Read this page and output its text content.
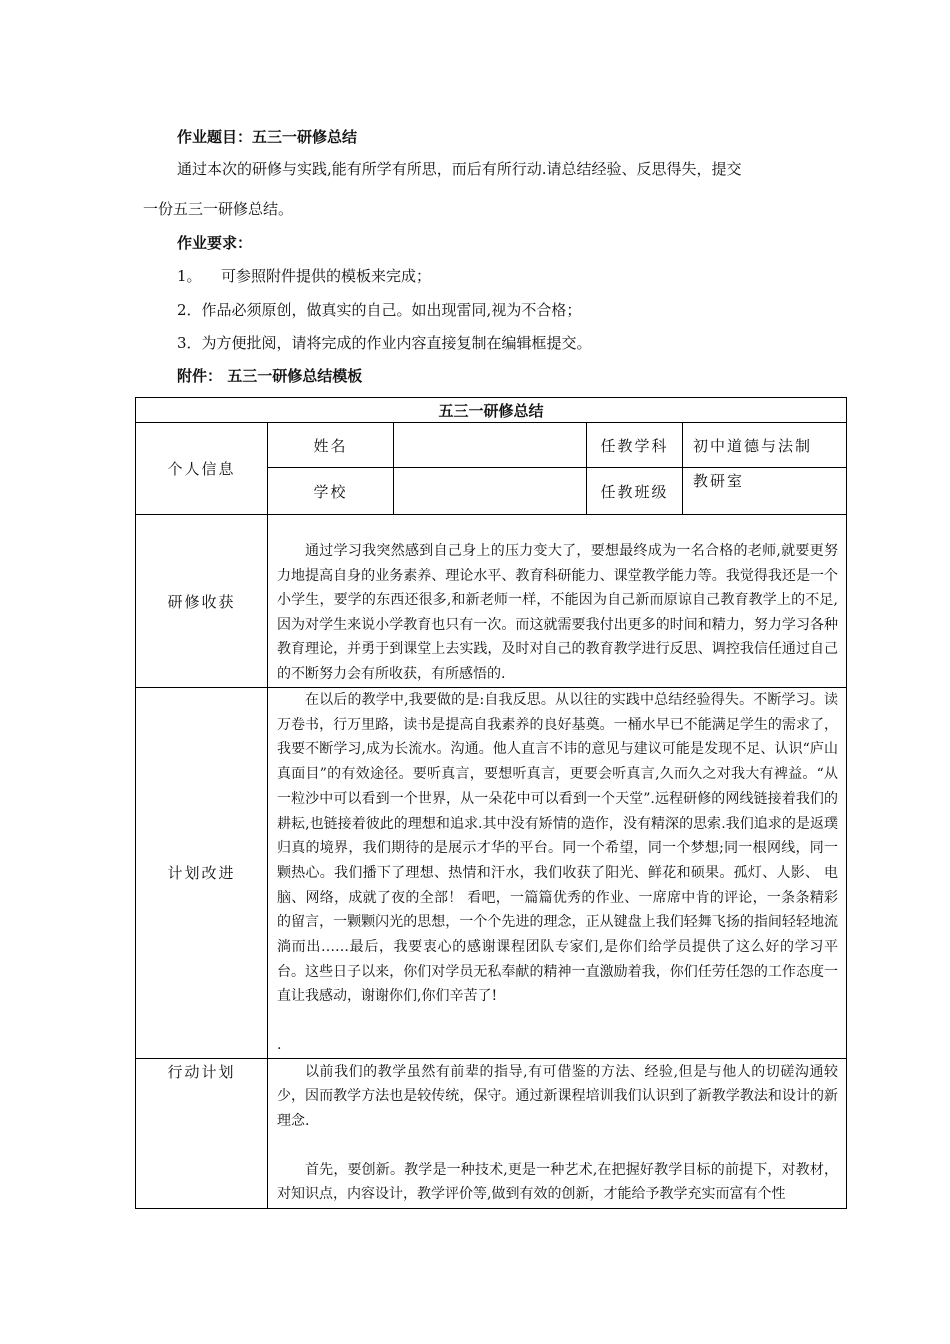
作业题目：五三一研修总结
通过本次的研修与实践,能有所学有所思，而后有所行动.请总结经验、反思得失，提交
一份五三一研修总结。
作业要求：
1。 可参照附件提供的模板来完成；
2．作品必须原创，做真实的自己。如出现雷同,视为不合格；
3．为方便批阅，请将完成的作业内容直接复制在编辑框提交。
附件： 五三一研修总结模板
五三一研修总结				
个人信息	姓名		任教学科	初中道德与法制
	学校		任教班级	教研室
研修收获	通过学习我突然感到自己身上的压力变大了，要想最终成为一名合格的老师,就要更努力地提高自身的业务素养、理论水平、教育科研能力、课堂教学能力等。我觉得我还是一个小学生，要学的东西还很多,和新老师一样，不能因为自己新而原谅自己教育教学上的不足,因为对学生来说小学教育也只有一次。而这就需要我付出更多的时间和精力，努力学习各种教育理论，并勇于到课堂上去实践，及时对自己的教育教学进行反思、调控我信任通过自己的不断努力会有所收获，有所感悟的.			

计划改进	在以后的教学中,我要做的是:自我反思。从以往的实践中总结经验得失。不断学习。读万卷书，行万里路，读书是提高自我素养的良好基奠。一桶水早已不能满足学生的需求了，我要不断学习,成为长流水。沟通。他人直言不讳的意见与建议可能是发现不足、认识“庐山真面目”的有效途径。要听真言，要想听真言，更要会听真言,久而久之对我大有裨益。“从一粒沙中可以看到一个世界，从一朵花中可以看到一个天堂”.远程研修的网线链接着我们的耕耘,也链接着彼此的理想和追求.其中没有矫情的造作，没有精深的思索.我们追求的是返璞归真的境界，我们期待的是展示才华的平台。同一个希望，同一个梦想;同一根网线，同一颗热心。我们播下了理想、热情和汗水，我们收获了阳光、鲜花和硕果。孤灯、人影、 电脑、网络，成就了夜的全部！ 看吧，一篇篇优秀的作业、一席席中肯的评论，一条条精彩的留言，一颗颗闪光的思想，一个个先进的理念，正从键盘上我们轻舞飞扬的指间轻轻地流淌而出……最后，我要衷心的感谢课程团队专家们,是你们给学员提供了这么好的学习平台。这些日子以来，你们对学员无私奉献的精神一直激励着我，你们任劳任怨的工作态度一直让我感动，谢谢你们,你们辛苦了!
.			

行动计划	以前我们的教学虽然有前辈的指导,有可借鉴的方法、经验,但是与他人的切磋沟通较少，因而教学方法也是较传统，保守。通过新课程培训我们认识到了新教学教法和设计的新理念.
首先，要创新。教学是一种技术,更是一种艺术,在把握好教学目标的前提下，对教材，对知识点，内容设计，教学评价等,做到有效的创新，才能给予教学充实而富有个性			
